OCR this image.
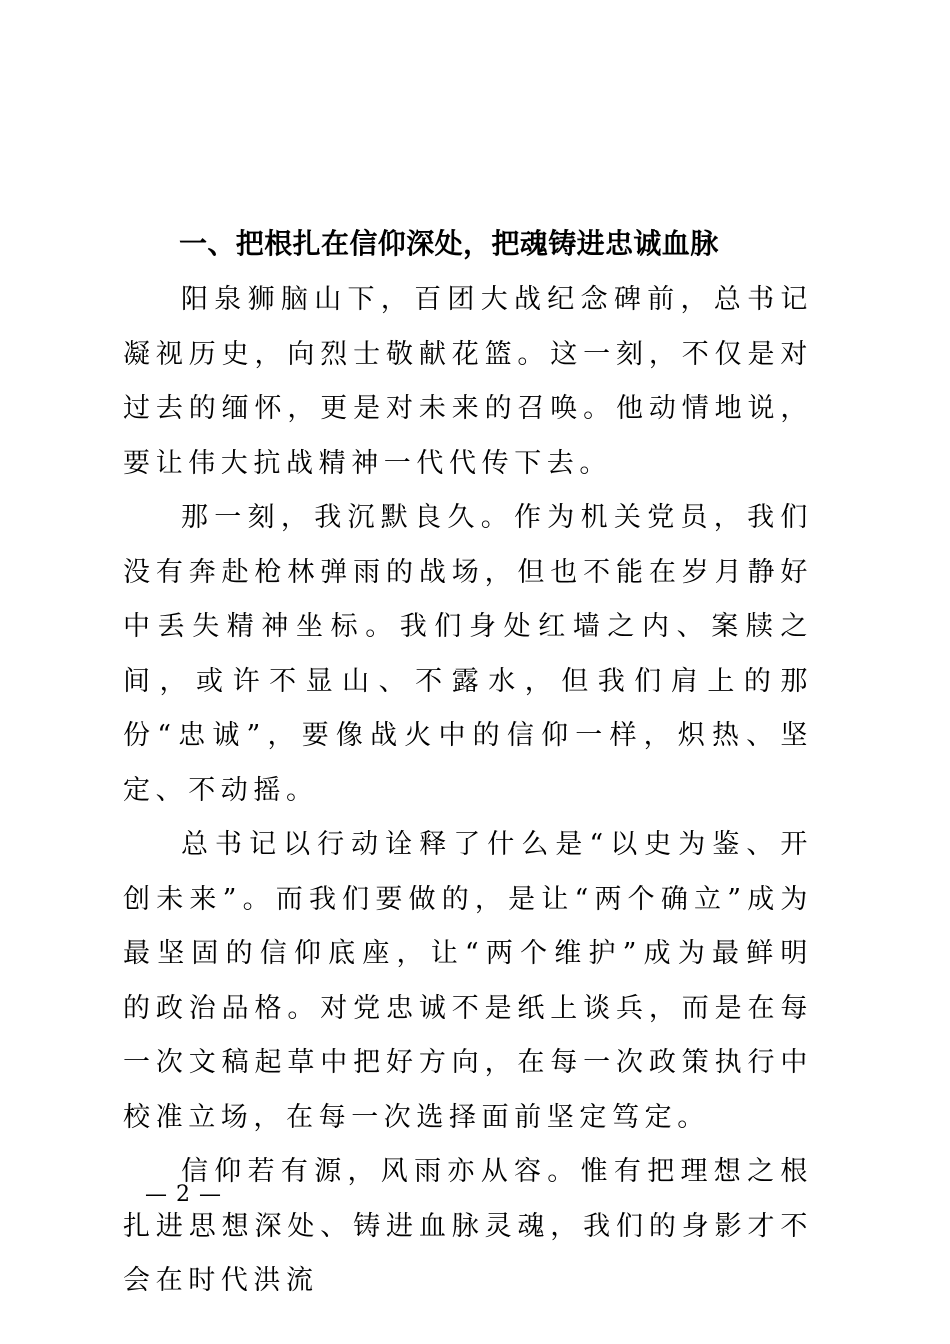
一、把根扎在信仰深处，把魂铸进忠诚血脉

阳泉狮脑山下，百团大战纪念碑前，总书记凝视历史，向烈士敬献花篮。这一刻，不仅是对过去的缅怀，更是对未来的召唤。他动情地说，要让伟大抗战精神一代代传下去。

那一刻，我沉默良久。作为机关党员，我们没有奔赴枪林弹雨的战场，但也不能在岁月静好中丢失精神坐标。我们身处红墙之内、案牍之间，或许不显山、不露水，但我们肩上的那份“忠诚”，要像战火中的信仰一样，炽热、坚定、不动摇。

总书记以行动诠释了什么是“以史为鉴、开创未来”。而我们要做的，是让“两个确立”成为最坚固的信仰底座，让“两个维护”成为最鲜明的政治品格。对党忠诚不是纸上谈兵，而是在每一次文稿起草中把好方向，在每一次政策执行中校准立场，在每一次选择面前坚定笃定。

信仰若有源，风雨亦从容。惟有把理想之根扎进思想深处、铸进血脉灵魂，我们的身影才不会在时代洪流

— 2 —
